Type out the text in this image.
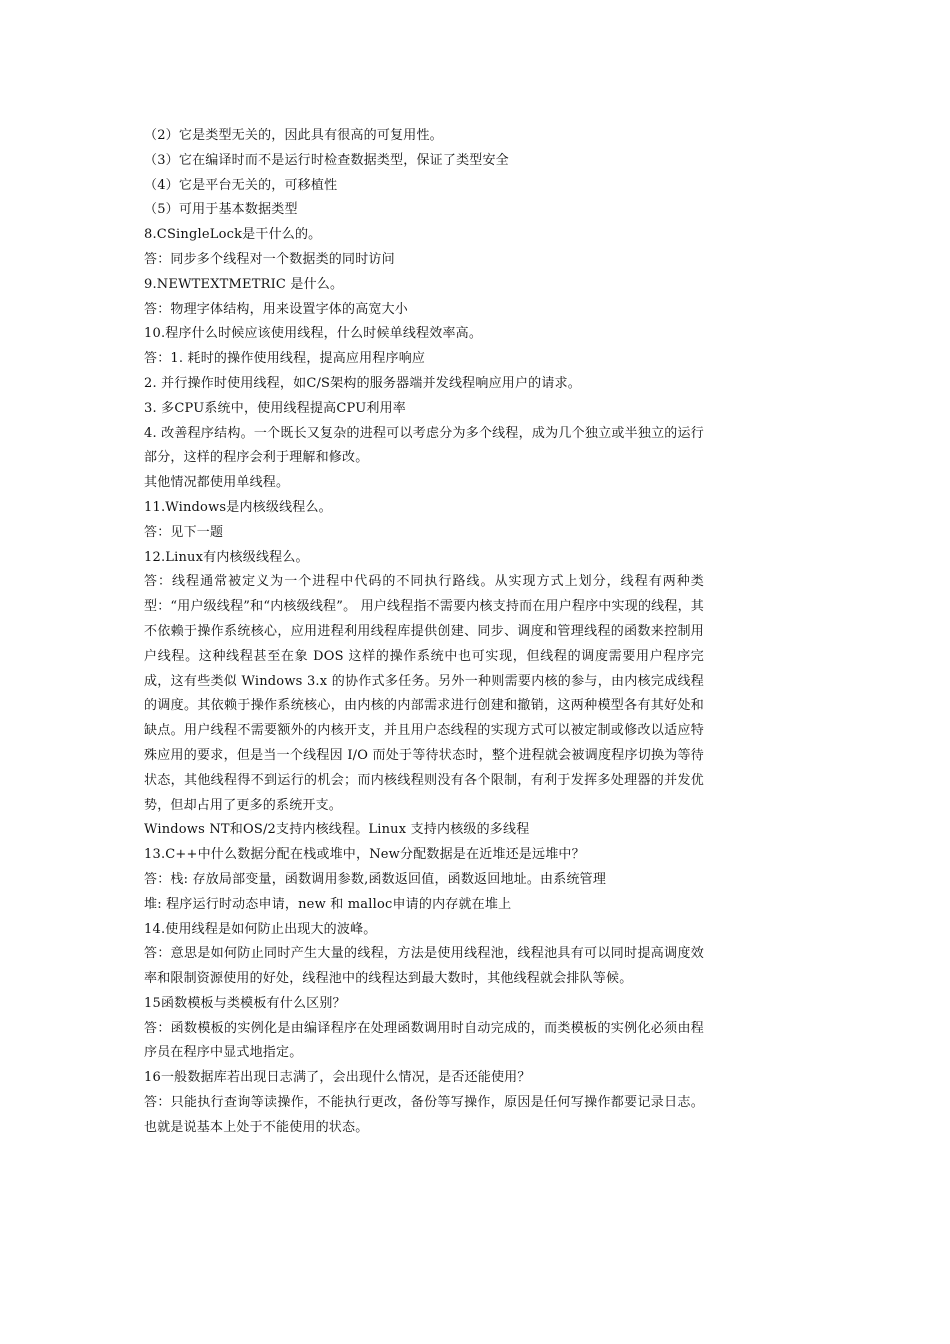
（2）它是类型无关的，因此具有很高的可复用性。

（3）它在编译时而不是运行时检查数据类型，保证了类型安全

（4）它是平台无关的，可移植性

（5）可用于基本数据类型

8.CSingleLock是干什么的。

答：同步多个线程对一个数据类的同时访问

9.NEWTEXTMETRIC 是什么。

答：物理字体结构，用来设置字体的高宽大小

10.程序什么时候应该使用线程，什么时候单线程效率高。

答：1. 耗时的操作使用线程，提高应用程序响应

2. 并行操作时使用线程，如C/S架构的服务器端并发线程响应用户的请求。

3. 多CPU系统中，使用线程提高CPU利用率

4. 改善程序结构。一个既长又复杂的进程可以考虑分为多个线程，成为几个独立或半独立的运行部分，这样的程序会利于理解和修改。

其他情况都使用单线程。

11.Windows是内核级线程么。

答：见下一题

12.Linux有内核级线程么。

答：线程通常被定义为一个进程中代码的不同执行路线。从实现方式上划分，线程有两种类型：“用户级线程”和“内核级线程”。 用户线程指不需要内核支持而在用户程序中实现的线程，其不依赖于操作系统核心，应用进程利用线程库提供创建、同步、调度和管理线程的函数来控制用户线程。这种线程甚至在象 DOS 这样的操作系统中也可实现，但线程的调度需要用户程序完成，这有些类似 Windows 3.x 的协作式多任务。另外一种则需要内核的参与，由内核完成线程的调度。其依赖于操作系统核心，由内核的内部需求进行创建和撤销，这两种模型各有其好处和缺点。用户线程不需要额外的内核开支，并且用户态线程的实现方式可以被定制或修改以适应特殊应用的要求，但是当一个线程因 I/O 而处于等待状态时，整个进程就会被调度程序切换为等待状态，其他线程得不到运行的机会；而内核线程则没有各个限制，有利于发挥多处理器的并发优势，但却占用了更多的系统开支。

Windows NT和OS/2支持内核线程。Linux 支持内核级的多线程

13.C++中什么数据分配在栈或堆中，New分配数据是在近堆还是远堆中？

答：栈: 存放局部变量，函数调用参数,函数返回值，函数返回地址。由系统管理

堆: 程序运行时动态申请，new 和 malloc申请的内存就在堆上

14.使用线程是如何防止出现大的波峰。

答：意思是如何防止同时产生大量的线程，方法是使用线程池，线程池具有可以同时提高调度效率和限制资源使用的好处，线程池中的线程达到最大数时，其他线程就会排队等候。

15函数模板与类模板有什么区别？

答：函数模板的实例化是由编译程序在处理函数调用时自动完成的，而类模板的实例化必须由程序员在程序中显式地指定。

16一般数据库若出现日志满了，会出现什么情况，是否还能使用？

答：只能执行查询等读操作，不能执行更改，备份等写操作，原因是任何写操作都要记录日志。也就是说基本上处于不能使用的状态。
